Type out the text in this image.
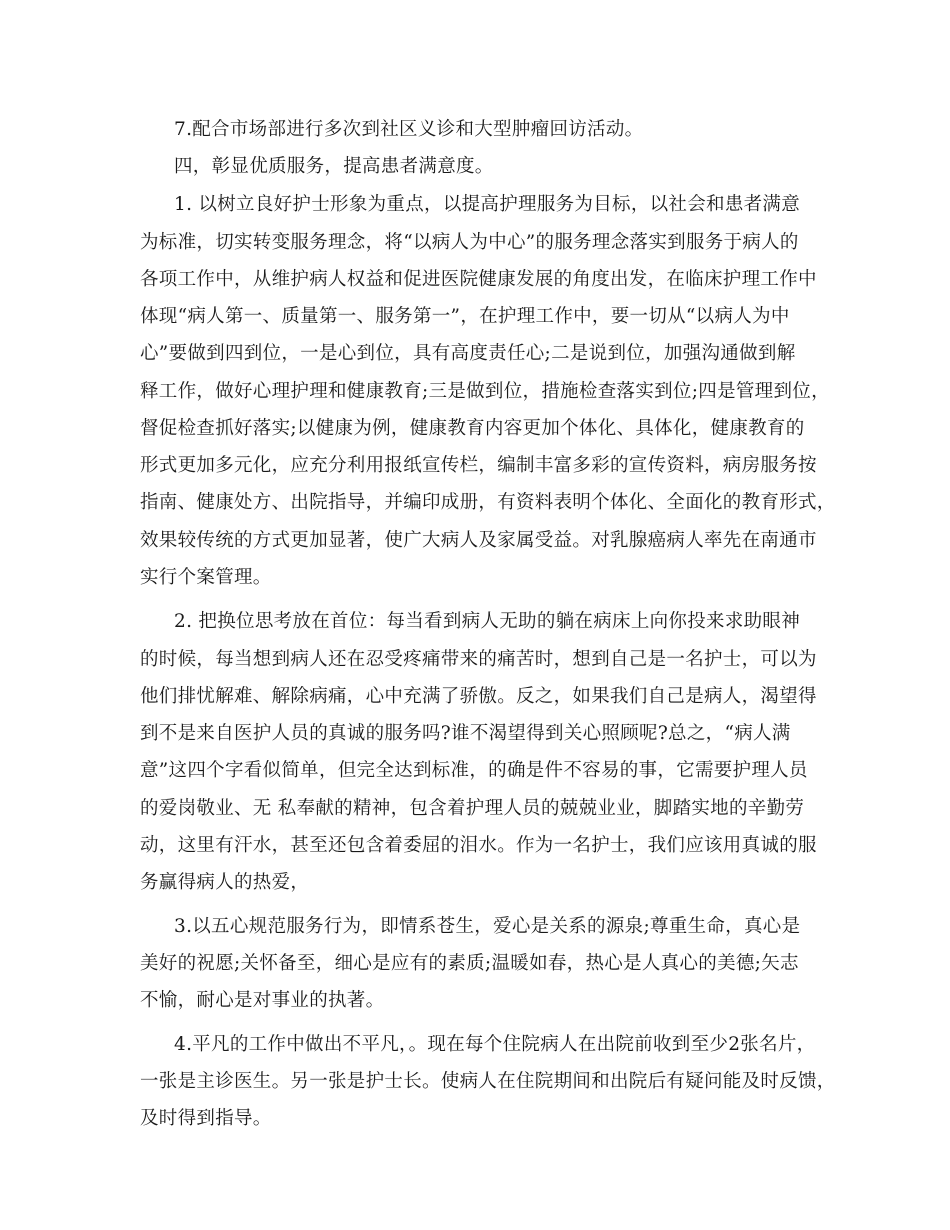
7.配合市场部进行多次到社区义诊和大型肿瘤回访活动。
四，彰显优质服务，提高患者满意度。
1. 以树立良好护士形象为重点，以提高护理服务为目标，以社会和患者满意
为标准，切实转变服务理念，将“以病人为中心”的服务理念落实到服务于病人的
各项工作中，从维护病人权益和促进医院健康发展的角度出发，在临床护理工作中
体现“病人第一、质量第一、服务第一”，在护理工作中，要一切从“以病人为中
心”要做到四到位，一是心到位，具有高度责任心;二是说到位，加强沟通做到解
释工作，做好心理护理和健康教育;三是做到位，措施检查落实到位;四是管理到位，
督促检查抓好落实;以健康为例，健康教育内容更加个体化、具体化，健康教育的
形式更加多元化，应充分利用报纸宣传栏，编制丰富多彩的宣传资料，病房服务按
指南、健康处方、出院指导，并编印成册，有资料表明个体化、全面化的教育形式，
效果较传统的方式更加显著，使广大病人及家属受益。对乳腺癌病人率先在南通市
实行个案管理。
2. 把换位思考放在首位：每当看到病人无助的躺在病床上向你投来求助眼神
的时候，每当想到病人还在忍受疼痛带来的痛苦时，想到自己是一名护士，可以为
他们排忧解难、解除病痛，心中充满了骄傲。反之，如果我们自己是病人，渴望得
到不是来自医护人员的真诚的服务吗?谁不渴望得到关心照顾呢?总之，“病人满
意”这四个字看似简单，但完全达到标准，的确是件不容易的事，它需要护理人员
的爱岗敬业、无 私奉献的精神，包含着护理人员的兢兢业业，脚踏实地的辛勤劳
动，这里有汗水，甚至还包含着委屈的泪水。作为一名护士，我们应该用真诚的服
务赢得病人的热爱，
3.以五心规范服务行为，即情系苍生，爱心是关系的源泉;尊重生命，真心是
美好的祝愿;关怀备至，细心是应有的素质;温暖如春，热心是人真心的美德;矢志
不愉，耐心是对事业的执著。
4.平凡的工作中做出不平凡，。现在每个住院病人在出院前收到至少2张名片，
一张是主诊医生。另一张是护士长。使病人在住院期间和出院后有疑问能及时反馈，
及时得到指导。
